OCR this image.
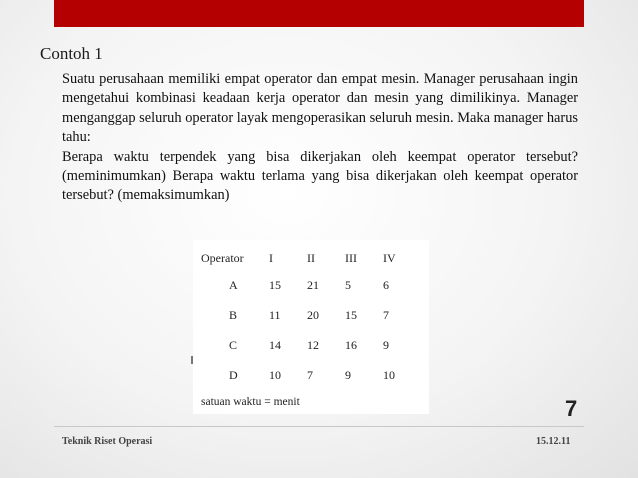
Contoh 1

Suatu perusahaan memiliki empat operator dan empat mesin. Manager perusahaan ingin mengetahui kombinasi keadaan kerja operator dan mesin yang dimilikinya. Manager menganggap seluruh operator layak mengoperasikan seluruh mesin. Maka manager harus tahu:

Berapa waktu terpendek yang bisa dikerjakan oleh keempat operator tersebut? (meminimumkan) Berapa waktu terlama yang bisa dikerjakan oleh keempat operator tersebut? (memaksimumkan)

Operator	I	II	III	IV
A	15	21	5	6
B	11	20	15	7
C	14	12	16	9
D	10	7	9	10
satuan waktu = menit	7
Teknik Riset Operasi	15.12.11
